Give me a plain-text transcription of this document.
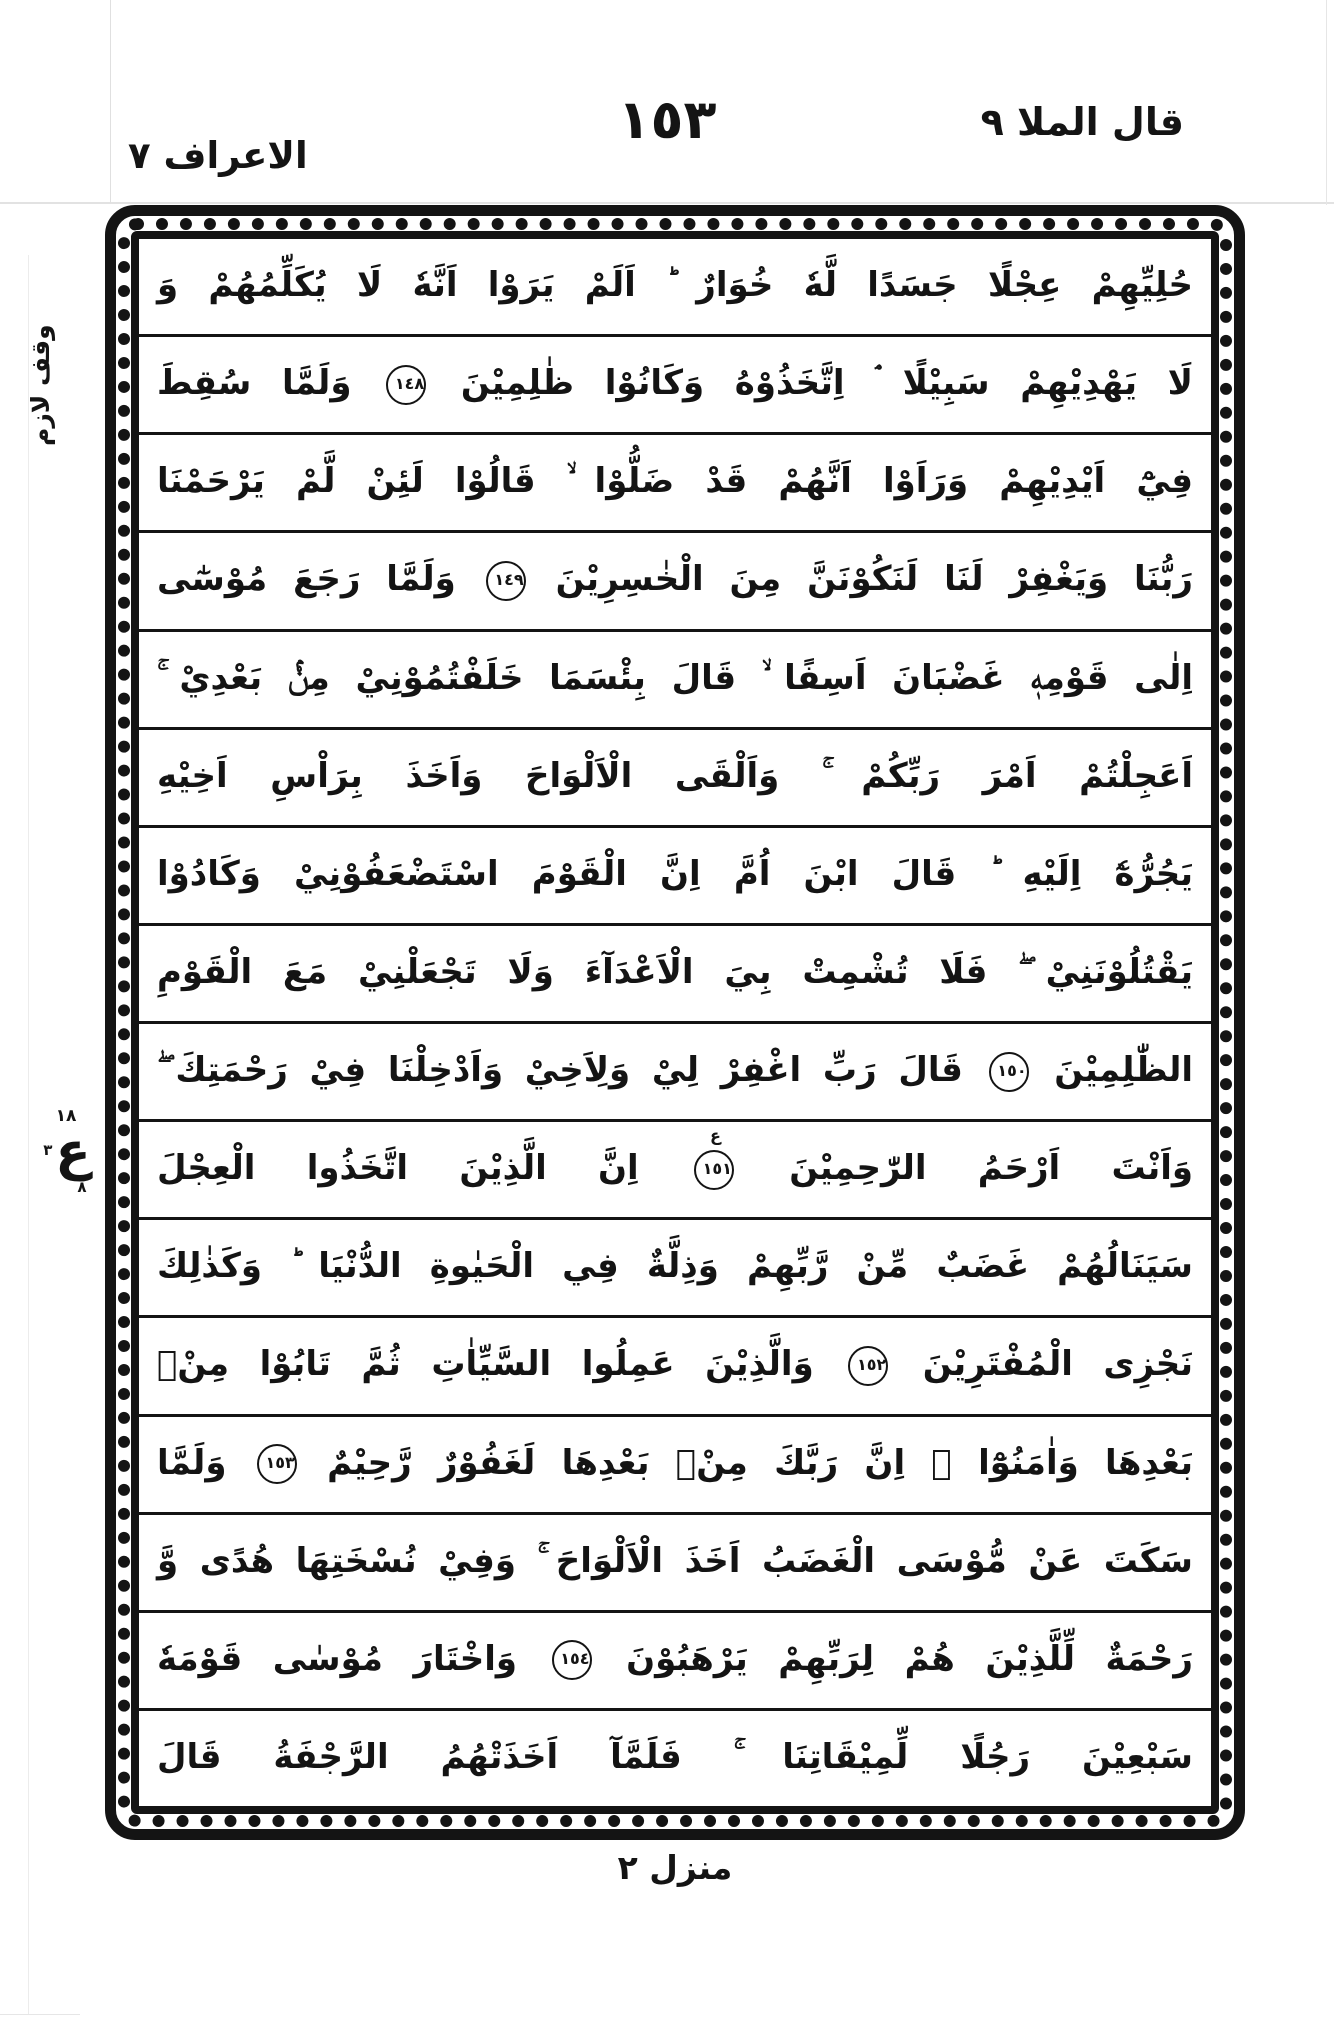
١٥٣	قال الملا ٩
الاعراف ٧
وقف لازم
١٨
ع
٣
٨
حُلِيِّهِمْ عِجْلًا جَسَدًا لَّهٗ خُوَارٌ ؕ اَلَمْ يَرَوْا اَنَّهٗ لَا يُكَلِّمُهُمْ وَ
لَا يَهْدِيْهِمْ سَبِيْلًا ۘ اِتَّخَذُوْهُ وَكَانُوْا ظٰلِمِيْنَ ١٤٨ وَلَمَّا سُقِطَ
فِيْٓ اَيْدِيْهِمْ وَرَاَوْا اَنَّهُمْ قَدْ ضَلُّوْا ۙ قَالُوْا لَئِنْ لَّمْ يَرْحَمْنَا
رَبُّنَا وَيَغْفِرْ لَنَا لَنَكُوْنَنَّ مِنَ الْخٰسِرِيْنَ ١٤٩ وَلَمَّا رَجَعَ مُوْسٰٓى
اِلٰى قَوْمِهٖ غَضْبَانَ اَسِفًا ۙ قَالَ بِئْسَمَا خَلَفْتُمُوْنِيْ مِنْۢ بَعْدِيْ ۚ
اَعَجِلْتُمْ اَمْرَ رَبِّكُمْ ۚ وَاَلْقَى الْاَلْوَاحَ وَاَخَذَ بِرَاْسِ اَخِيْهِ
يَجُرُّهٗٓ اِلَيْهِ ؕ قَالَ ابْنَ اُمَّ اِنَّ الْقَوْمَ اسْتَضْعَفُوْنِيْ وَكَادُوْا
يَقْتُلُوْنَنِيْ ۖ فَلَا تُشْمِتْ بِيَ الْاَعْدَآءَ وَلَا تَجْعَلْنِيْ مَعَ الْقَوْمِ
الظّٰلِمِيْنَ ١٥٠ قَالَ رَبِّ اغْفِرْ لِيْ وَلِاَخِيْ وَاَدْخِلْنَا فِيْ رَحْمَتِكَ ۖ
وَاَنْتَ اَرْحَمُ الرّٰحِمِيْنَ ١٥١
ع
اِنَّ الَّذِيْنَ اتَّخَذُوا الْعِجْلَ
سَيَنَالُهُمْ غَضَبٌ مِّنْ رَّبِّهِمْ وَذِلَّةٌ فِي الْحَيٰوةِ الدُّنْيَا ؕ وَكَذٰلِكَ
نَجْزِى الْمُفْتَرِيْنَ ١٥٢ وَالَّذِيْنَ عَمِلُوا السَّيِّاٰتِ ثُمَّ تَابُوْا مِنْۢ
بَعْدِهَا وَاٰمَنُوْٓا ۙ اِنَّ رَبَّكَ مِنْۢ بَعْدِهَا لَغَفُوْرٌ رَّحِيْمٌ ١٥٣ وَلَمَّا
سَكَتَ عَنْ مُّوْسَى الْغَضَبُ اَخَذَ الْاَلْوَاحَ ۚ وَفِيْ نُسْخَتِهَا هُدًى وَّ
رَحْمَةٌ لِّلَّذِيْنَ هُمْ لِرَبِّهِمْ يَرْهَبُوْنَ ١٥٤ وَاخْتَارَ مُوْسٰى قَوْمَهٗ
سَبْعِيْنَ رَجُلًا لِّمِيْقَاتِنَا ۚ فَلَمَّآ اَخَذَتْهُمُ الرَّجْفَةُ قَالَ
منزل ٢
